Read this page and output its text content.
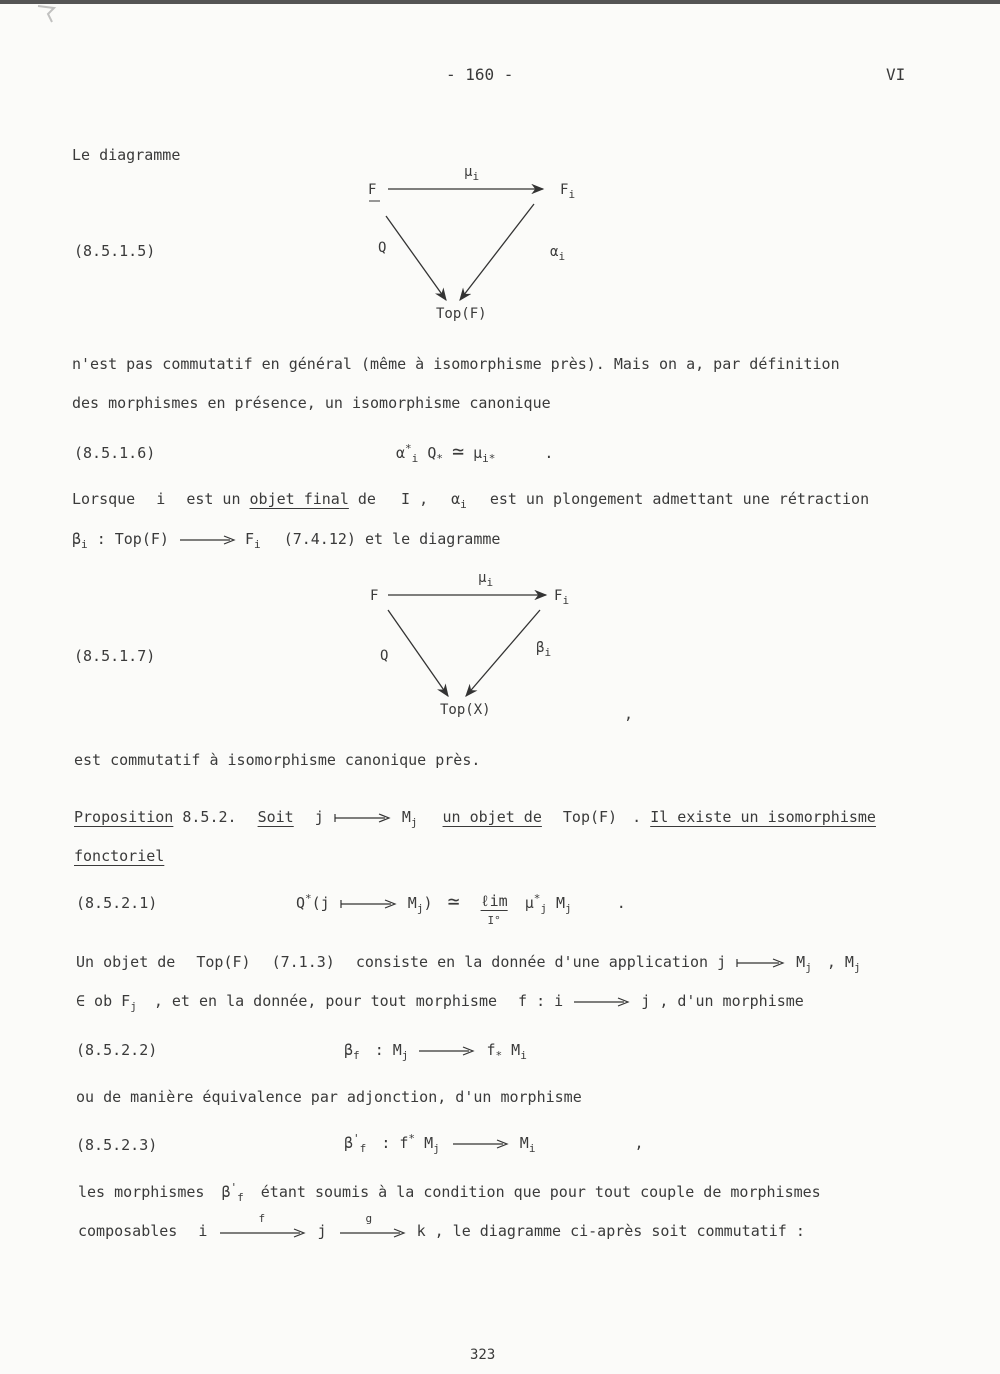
- 160 -	VI
Le diagramme
(8.5.1.5)
F	$F_i$
$\mu_i$
Q	$\alpha_i$
Top(F)
n'est pas commutatif en général (même à isomorphisme près). Mais on a, par définition
des morphismes en présence, un isomorphisme canonique
(8.5.1.6)	$\alpha^*_i$ $Q_*$ ≃ $\mu_{i*}$	.
Lorsque i est un objet final de I , $\alpha_i$ est un plongement admettant une rétraction
$\beta_i$ : Top(F)	$F_i$ (7.4.12) et le diagramme
(8.5.1.7)
F	$F_i$
$\mu_i$
Q	$\beta_i$
Top(X)	,
est commutatif à isomorphisme canonique près.
Proposition 8.5.2. Soit j	$M_j$ un objet de Top(F) . Il existe un isomorphisme
fonctoriel
(8.5.2.1)	Q*(j	$M_j$) ≃ ℓim
I° $\mu^*_j$ $M_j$	.
Un objet de Top(F) (7.1.3) consiste en la donnée d'une application j	$M_j$ , $M_j$
∈ ob $F_j$ , et en la donnée, pour tout morphisme f : i	j , d'un morphisme
(8.5.2.2)	$\beta_f$ : $M_j$	$f_*$ $M_i$
ou de manière équivalence par adjonction, d'un morphisme
(8.5.2.3)	$\beta'_f$ : f* $M_j$	$M_i$	,
les morphismes $\beta'_f$ étant soumis à la condition que pour tout couple de morphismes
composables i
f
j
g
k , le diagramme ci-après soit commutatif :
323
